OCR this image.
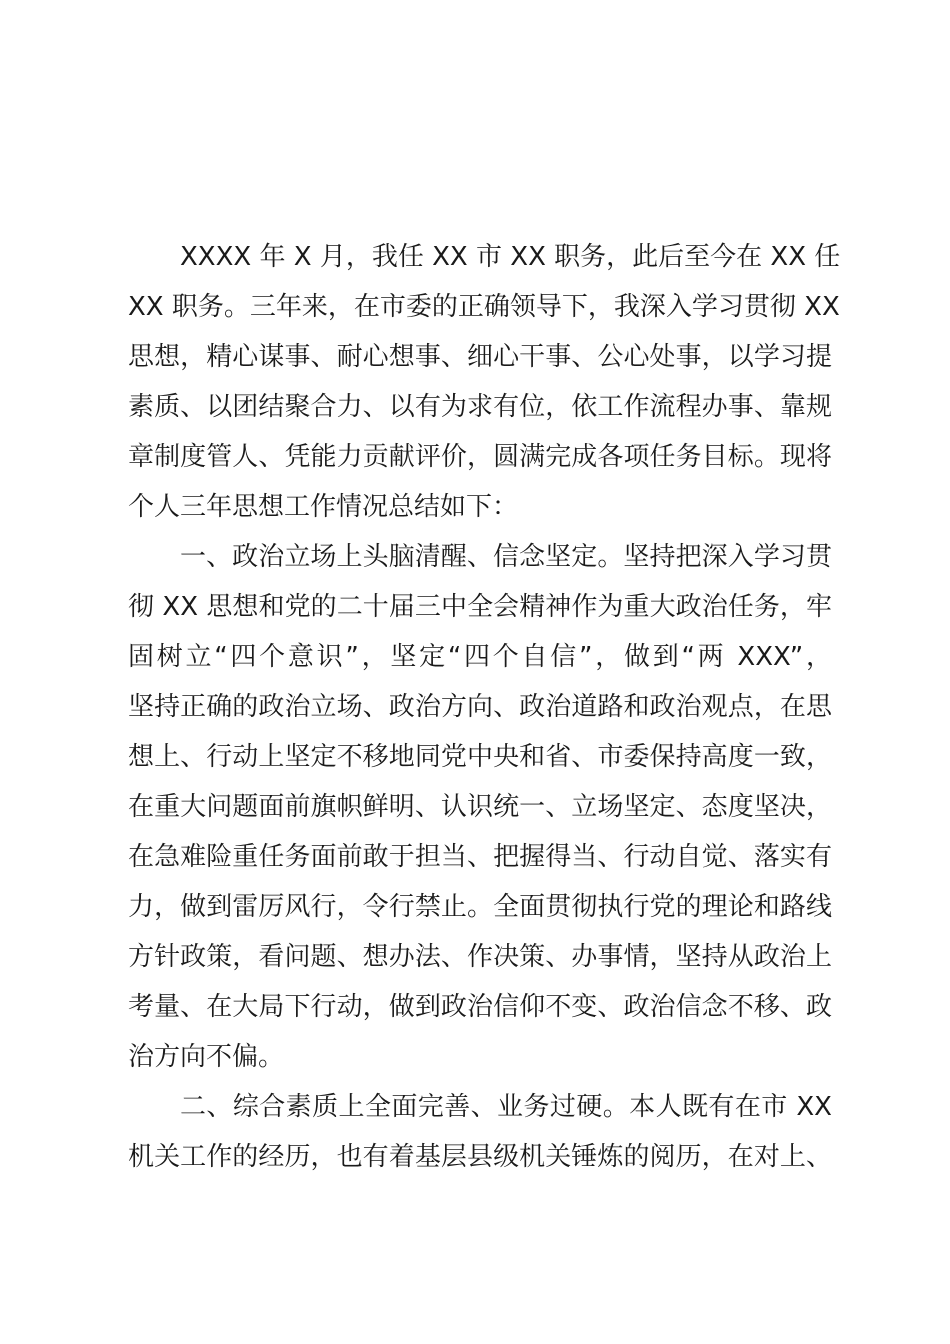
XXXX 年 X 月，我任 XX 市 XX 职务，此后至今在 XX 任
XX 职务。三年来，在市委的正确领导下，我深入学习贯彻 XX
思想，精心谋事、耐心想事、细心干事、公心处事，以学习提
素质、以团结聚合力、以有为求有位，依工作流程办事、靠规
章制度管人、凭能力贡献评价，圆满完成各项任务目标。现将
个人三年思想工作情况总结如下：
一、政治立场上头脑清醒、信念坚定。坚持把深入学习贯
彻 XX 思想和党的二十届三中全会精神作为重大政治任务，牢
固树立“四个意识”，坚定“四个自信”，做到“两 XXX”，
坚持正确的政治立场、政治方向、政治道路和政治观点，在思
想上、行动上坚定不移地同党中央和省、市委保持高度一致，
在重大问题面前旗帜鲜明、认识统一、立场坚定、态度坚决，
在急难险重任务面前敢于担当、把握得当、行动自觉、落实有
力，做到雷厉风行，令行禁止。全面贯彻执行党的理论和路线
方针政策，看问题、想办法、作决策、办事情，坚持从政治上
考量、在大局下行动，做到政治信仰不变、政治信念不移、政
治方向不偏。
二、综合素质上全面完善、业务过硬。本人既有在市 XX
机关工作的经历，也有着基层县级机关锤炼的阅历，在对上、
